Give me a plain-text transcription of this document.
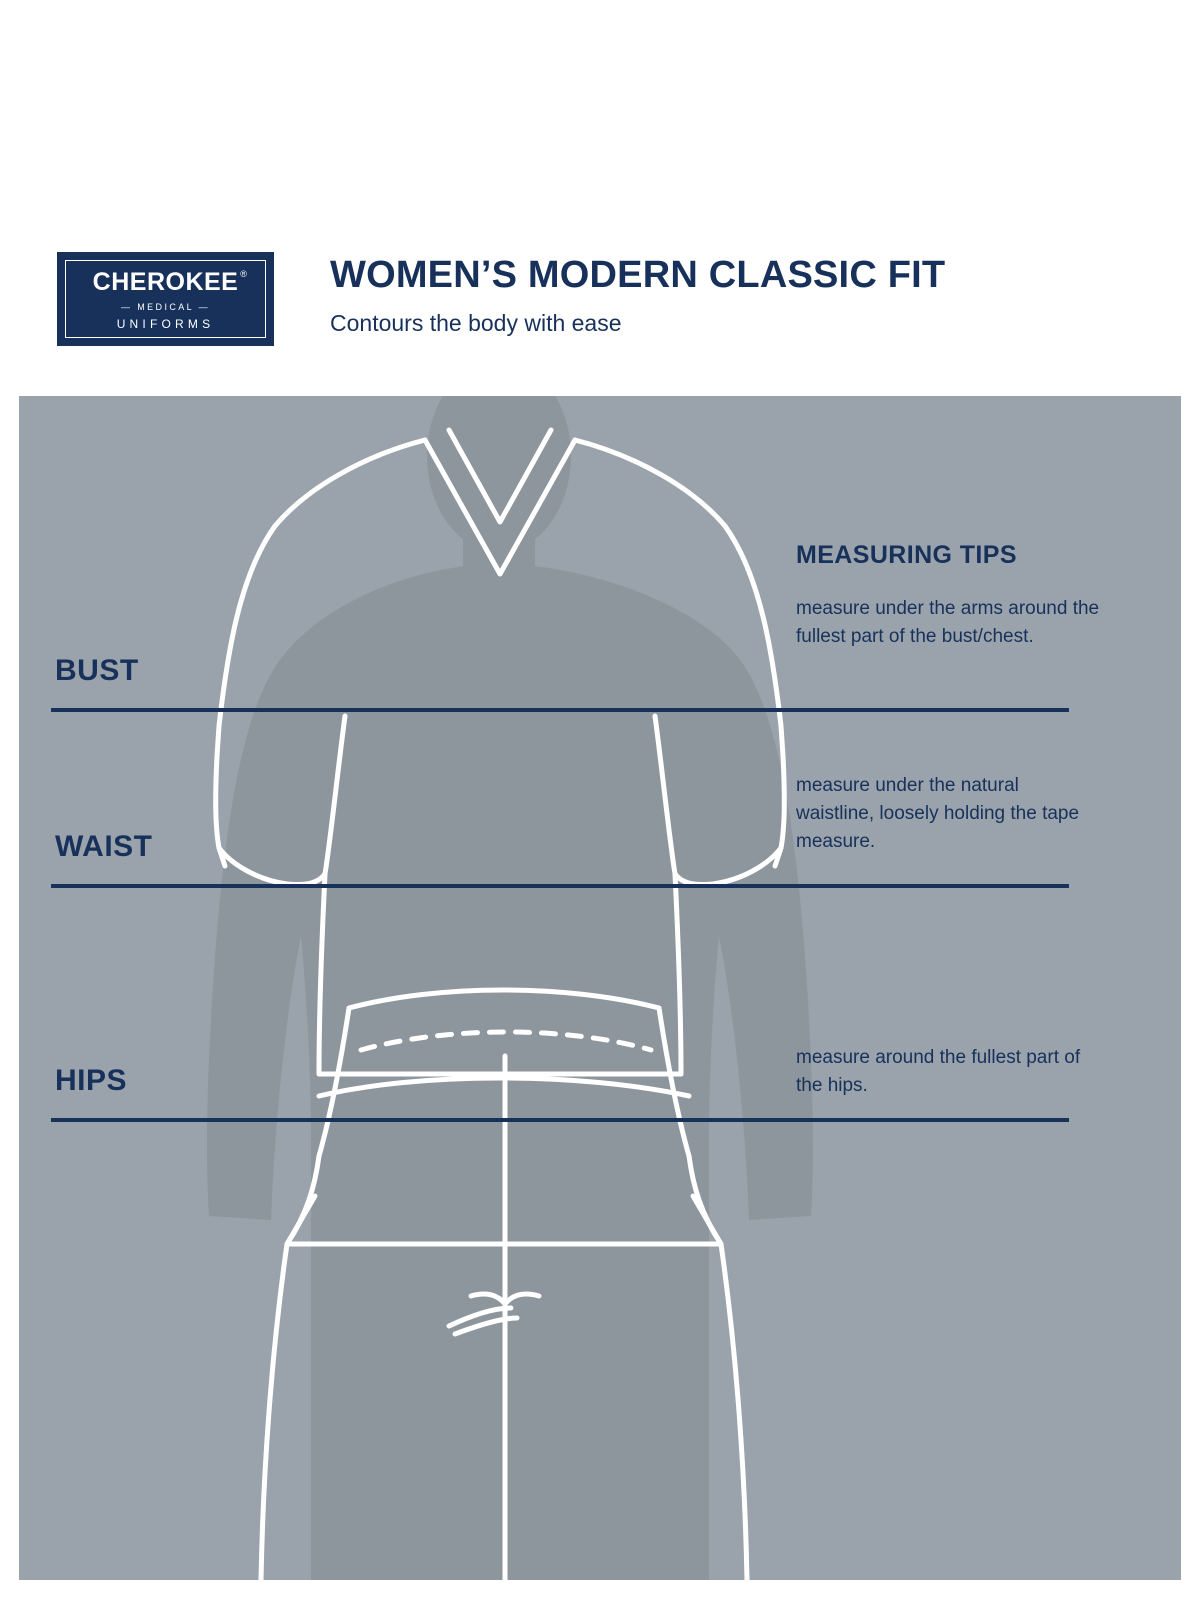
CHEROKEE ®
— MEDICAL —
UNIFORMS
WOMEN’S MODERN CLASSIC FIT
Contours the body with ease
BUST
WAIST
HIPS
MEASURING TIPS
measure under the arms around the fullest part of the bust/chest.
measure under the natural waistline, loosely holding the tape measure.
measure around the fullest part of the hips.
